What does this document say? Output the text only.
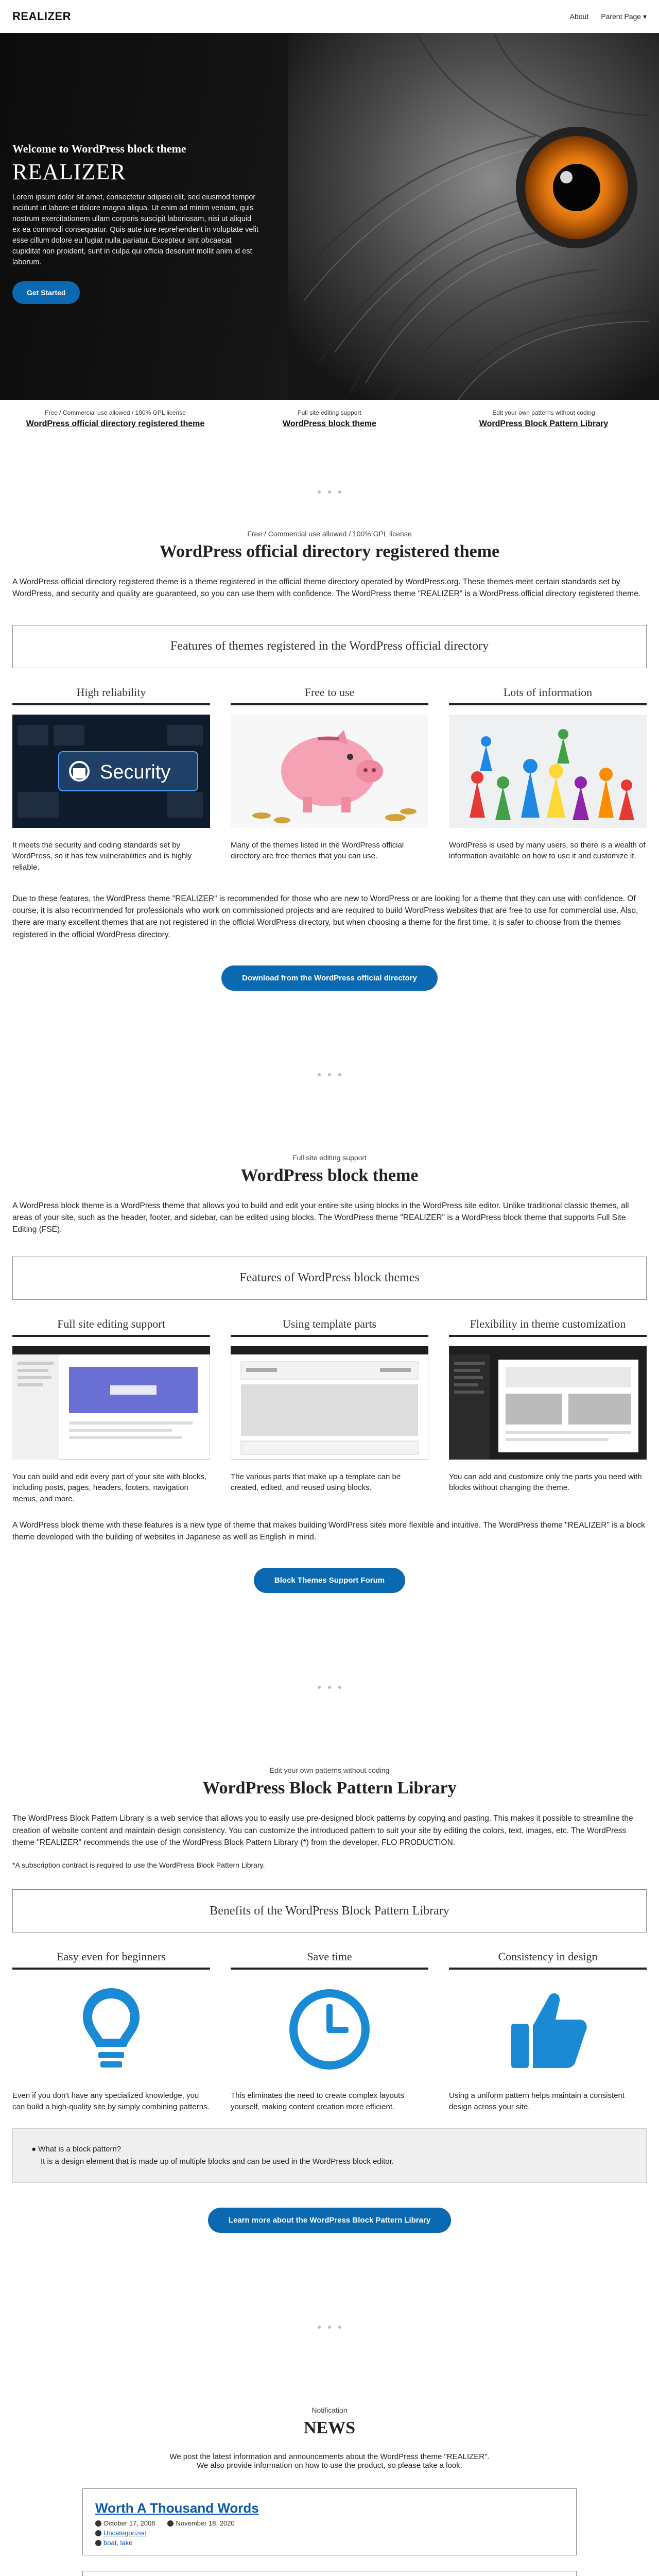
REALIZER	About Parent Page ▾
Welcome to WordPress block theme
REALIZER

Lorem ipsum dolor sit amet, consectetur adipisci elit, sed eiusmod tempor incidunt ut labore et dolore magna aliqua. Ut enim ad minim veniam, quis nostrum exercitationem ullam corporis suscipit laboriosam, nisi ut aliquid ex ea commodi consequatur. Quis aute iure reprehenderit in voluptate velit esse cillum dolore eu fugiat nulla pariatur. Excepteur sint obcaecat cupiditat non proident, sunt in culpa qui officia deserunt mollit anim id est laborum.

Get Started
Free / Commercial use allowed / 100% GPL license
WordPress official directory registered theme
Full site editing support
WordPress block theme
Edit your own patterns without coding
WordPress Block Pattern Library
Free / Commercial use allowed / 100% GPL license
WordPress official directory registered theme

A WordPress official directory registered theme is a theme registered in the official theme directory operated by WordPress.org. These themes meet certain standards set by WordPress, and security and quality are guaranteed, so you can use them with confidence. The WordPress theme "REALIZER" is a WordPress official directory registered theme.

Features of themes registered in the WordPress official directory
High reliability
Security

It meets the security and coding standards set by WordPress, so it has few vulnerabilities and is highly reliable.

Free to use

Many of the themes listed in the WordPress official directory are free themes that you can use.

Lots of information

WordPress is used by many users, so there is a wealth of information available on how to use it and customize it.

Due to these features, the WordPress theme "REALIZER" is recommended for those who are new to WordPress or are looking for a theme that they can use with confidence. Of course, it is also recommended for professionals who work on commissioned projects and are required to build WordPress websites that are free to use for commercial use. Also, there are many excellent themes that are not registered in the official WordPress directory, but when choosing a theme for the first time, it is safer to choose from the themes registered in the official WordPress directory.

Download from the WordPress official directory
Full site editing support
WordPress block theme

A WordPress block theme is a WordPress theme that allows you to build and edit your entire site using blocks in the WordPress site editor. Unlike traditional classic themes, all areas of your site, such as the header, footer, and sidebar, can be edited using blocks. The WordPress theme "REALIZER" is a WordPress block theme that supports Full Site Editing (FSE).

Features of WordPress block themes
Full site editing support

You can build and edit every part of your site with blocks, including posts, pages, headers, footers, navigation menus, and more.

Using template parts

The various parts that make up a template can be created, edited, and reused using blocks.

Flexibility in theme customization

You can add and customize only the parts you need with blocks without changing the theme.

A WordPress block theme with these features is a new type of theme that makes building WordPress sites more flexible and intuitive. The WordPress theme "REALIZER" is a block theme developed with the building of websites in Japanese as well as English in mind.

Block Themes Support Forum
Edit your own patterns without coding
WordPress Block Pattern Library

The WordPress Block Pattern Library is a web service that allows you to easily use pre-designed block patterns by copying and pasting. This makes it possible to streamline the creation of website content and maintain design consistency. You can customize the introduced pattern to suit your site by editing the colors, text, images, etc. The WordPress theme "REALIZER" recommends the use of the WordPress Block Pattern Library (*) from the developer, FLO PRODUCTION.

*A subscription contract is required to use the WordPress Block Pattern Library.

Benefits of the WordPress Block Pattern Library
Easy even for beginners

Even if you don't have any specialized knowledge, you can build a high-quality site by simply combining patterns.

Save time

This eliminates the need to create complex layouts yourself, making content creation more efficient.

Consistency in design

Using a uniform pattern helps maintain a consistent design across your site.

● What is a block pattern?
It is a design element that is made up of multiple blocks and can be used in the WordPress block editor.
Learn more about the WordPress Block Pattern Library
Notification
NEWS

We post the latest information and announcements about the WordPress theme "REALIZER".

We also provide information on how to use the product, so please take a look.

Worth A Thousand Words
October 17, 2008	November 18, 2020
Uncategorized
boat, lake
